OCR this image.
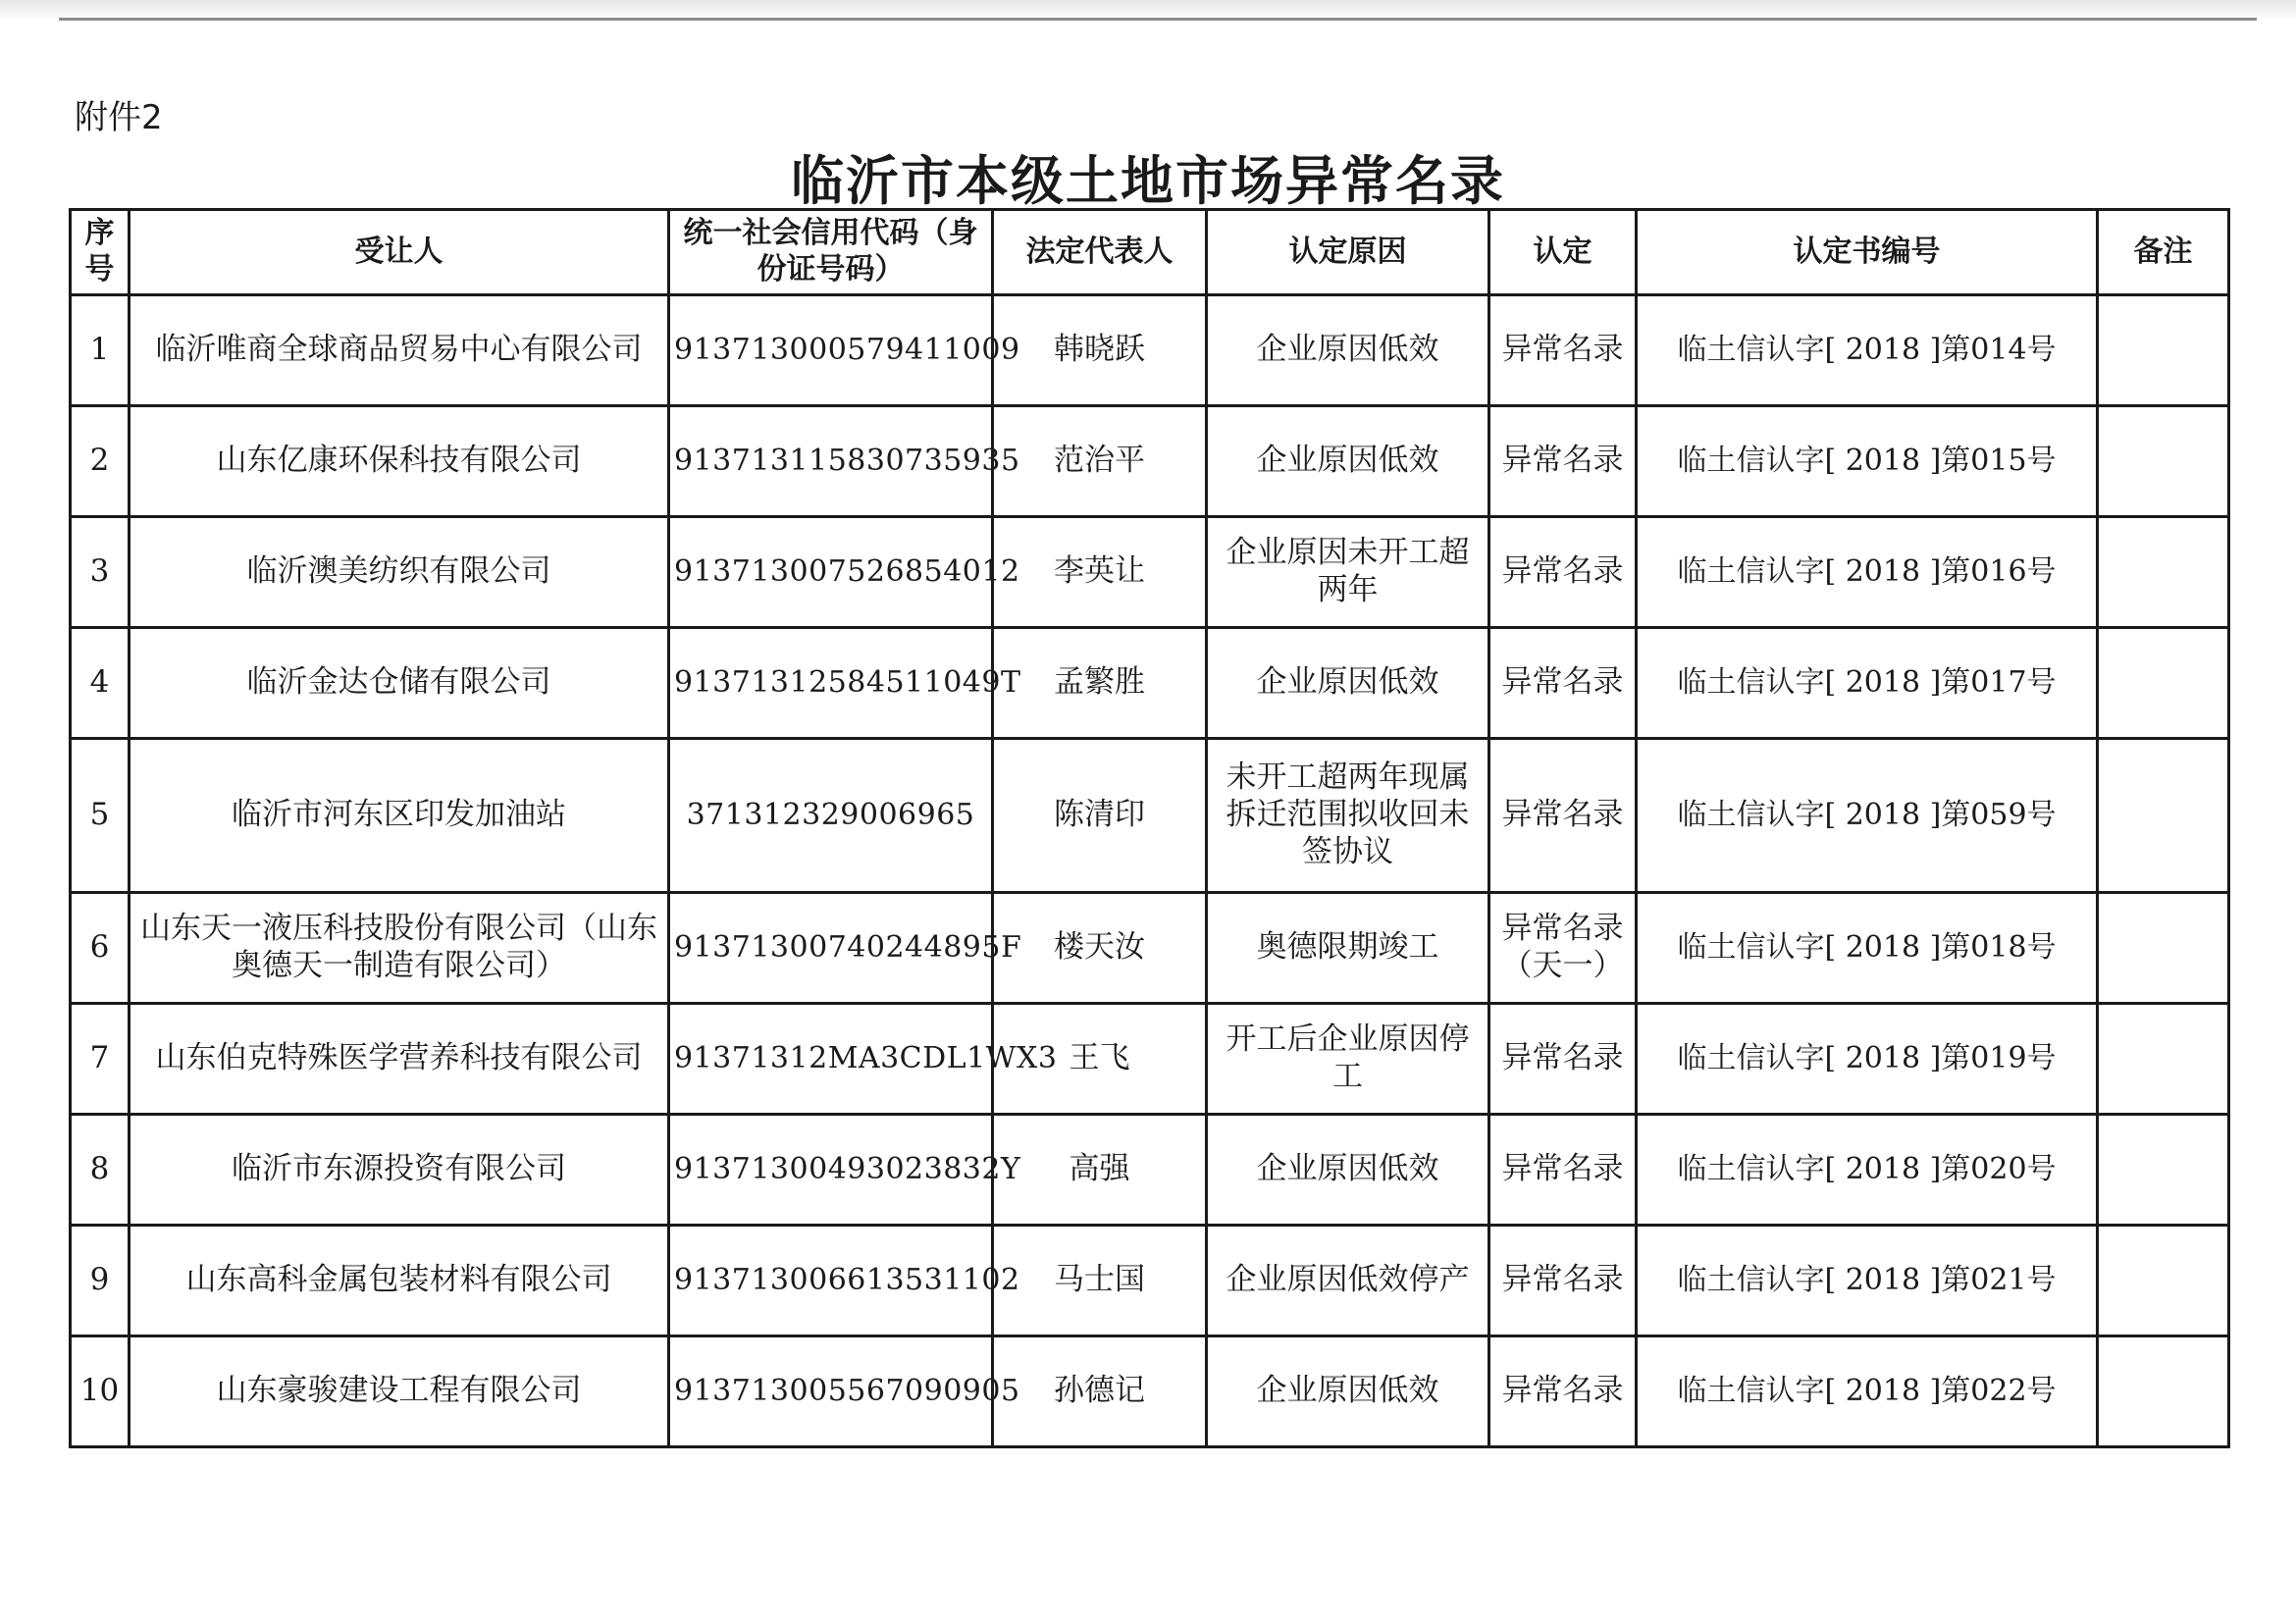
附件2
临沂市本级土地市场异常名录
序号	受让人	统一社会信用代码（身份证号码）	法定代表人	认定原因	认定	认定书编号	备注
1	临沂唯商全球商品贸易中心有限公司	913713000579411009	韩晓跃	企业原因低效	异常名录	临土信认字[ 2018 ]第014号	
2	山东亿康环保科技有限公司	913713115830735935	范治平	企业原因低效	异常名录	临土信认字[ 2018 ]第015号	
3	临沂澳美纺织有限公司	913713007526854012	李英让	企业原因未开工超两年	异常名录	临土信认字[ 2018 ]第016号	
4	临沂金达仓储有限公司	91371312584511049T	孟繁胜	企业原因低效	异常名录	临土信认字[ 2018 ]第017号	
5	临沂市河东区印发加油站	371312329006965	陈清印	未开工超两年现属拆迁范围拟收回未签协议	异常名录	临土信认字[ 2018 ]第059号	
6	山东天一液压科技股份有限公司（山东奥德天一制造有限公司）	91371300740244895F	楼天汝	奥德限期竣工	异常名录（天一）	临土信认字[ 2018 ]第018号	
7	山东伯克特殊医学营养科技有限公司	91371312MA3CDL1WX3	王飞	开工后企业原因停工	异常名录	临土信认字[ 2018 ]第019号	
8	临沂市东源投资有限公司	91371300493023832Y	高强	企业原因低效	异常名录	临土信认字[ 2018 ]第020号	
9	山东高科金属包装材料有限公司	913713006613531102	马士国	企业原因低效停产	异常名录	临土信认字[ 2018 ]第021号	
10	山东豪骏建设工程有限公司	913713005567090905	孙德记	企业原因低效	异常名录	临土信认字[ 2018 ]第022号	
